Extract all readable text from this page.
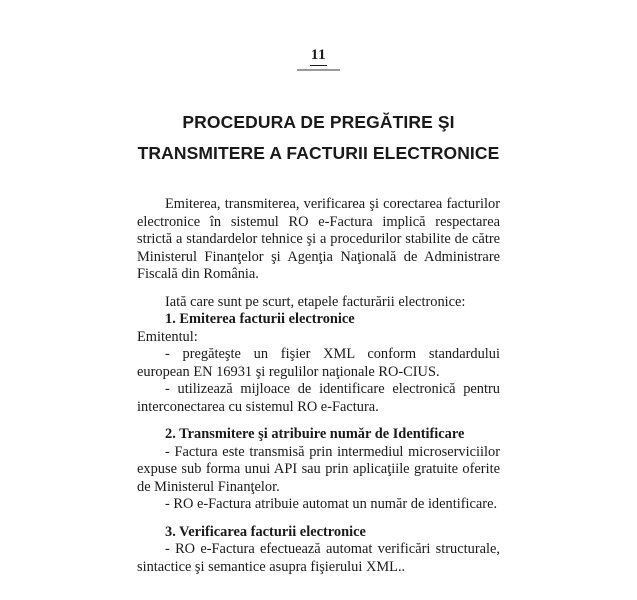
11
PROCEDURA DE PREGĂTIRE ŞI
TRANSMITERE A FACTURII ELECTRONICE

Emiterea, transmiterea, verificarea şi corectarea facturilor electronice în sistemul RO e-Factura implică respectarea strictă a standardelor tehnice şi a procedurilor stabilite de către Ministerul Finanţelor şi Agenţia Naţională de Administrare Fiscală din România.

Iată care sunt pe scurt, etapele facturării electronice:

1. Emiterea facturii electronice

Emitentul:

- pregăteşte un fişier XML conform standardului european EN 16931 şi regulilor naţionale RO-CIUS.

- utilizează mijloace de identificare electronică pentru interconectarea cu sistemul RO e-Factura.

2. Transmitere şi atribuire număr de Identificare

- Factura este transmisă prin intermediul microserviciilor expuse sub forma unui API sau prin aplicaţiile gratuite oferite de Ministerul Finanţelor.

- RO e-Factura atribuie automat un număr de identificare.

3. Verificarea facturii electronice

- RO e-Factura efectuează automat verificări structurale, sintactice şi semantice asupra fişierului XML..
